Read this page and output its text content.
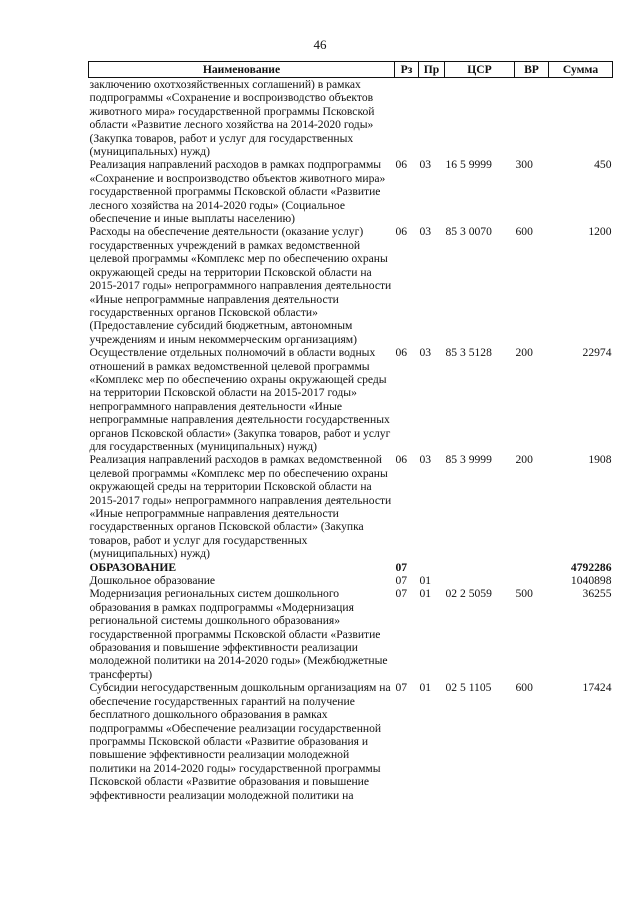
46
Наименование	Рз	Пр	ЦСР	ВР	Сумма
заключению охотхозяйственных соглашений) в рамках подпрограммы «Сохранение и воспроизводство объектов животного мира» государственной программы Псковской области «Развитие лесного хозяйства на 2014-2020 годы» (Закупка товаров, работ и услуг для государственных (муниципальных) нужд)					
Реализация направлений расходов в рамках подпрограммы «Сохранение и воспроизводство объектов животного мира» государственной программы Псковской области «Развитие лесного хозяйства на 2014-2020 годы» (Социальное обеспечение и иные выплаты населению)	06	03	16 5 9999	300	450
Расходы на обеспечение деятельности (оказание услуг) государственных учреждений в рамках ведомственной целевой программы «Комплекс мер по обеспечению охраны окружающей среды на территории Псковской области на 2015-2017 годы» непрограммного направления деятельности «Иные непрограммные направления деятельности государственных органов Псковской области» (Предоставление субсидий бюджетным, автономным учреждениям и иным некоммерческим организациям)	06	03	85 3 0070	600	1200
Осуществление отдельных полномочий в области водных отношений в рамках ведомственной целевой программы «Комплекс мер по обеспечению охраны окружающей среды на территории Псковской области на 2015-2017 годы» непрограммного направления деятельности «Иные непрограммные направления деятельности государственных органов Псковской области» (Закупка товаров, работ и услуг для государственных (муниципальных) нужд)	06	03	85 3 5128	200	22974
Реализация направлений расходов в рамках ведомственной целевой программы «Комплекс мер по обеспечению охраны окружающей среды на территории Псковской области на 2015-2017 годы» непрограммного направления деятельности «Иные непрограммные направления деятельности государственных органов Псковской области» (Закупка товаров, работ и услуг для государственных (муниципальных) нужд)	06	03	85 3 9999	200	1908
ОБРАЗОВАНИЕ	07				4792286
Дошкольное образование	07	01			1040898
Модернизация региональных систем дошкольного образования в рамках подпрограммы «Модернизация региональной системы дошкольного образования» государственной программы Псковской области «Развитие образования и повышение эффективности реализации молодежной политики на 2014-2020 годы» (Межбюджетные трансферты)	07	01	02 2 5059	500	36255
Субсидии негосударственным дошкольным организациям на обеспечение государственных гарантий на получение бесплатного дошкольного образования в рамках подпрограммы «Обеспечение реализации государственной программы Псковской области «Развитие образования и повышение эффективности реализации молодежной политики на 2014-2020 годы» государственной программы Псковской области «Развитие образования и повышение эффективности реализации молодежной политики на	07	01	02 5 1105	600	17424
